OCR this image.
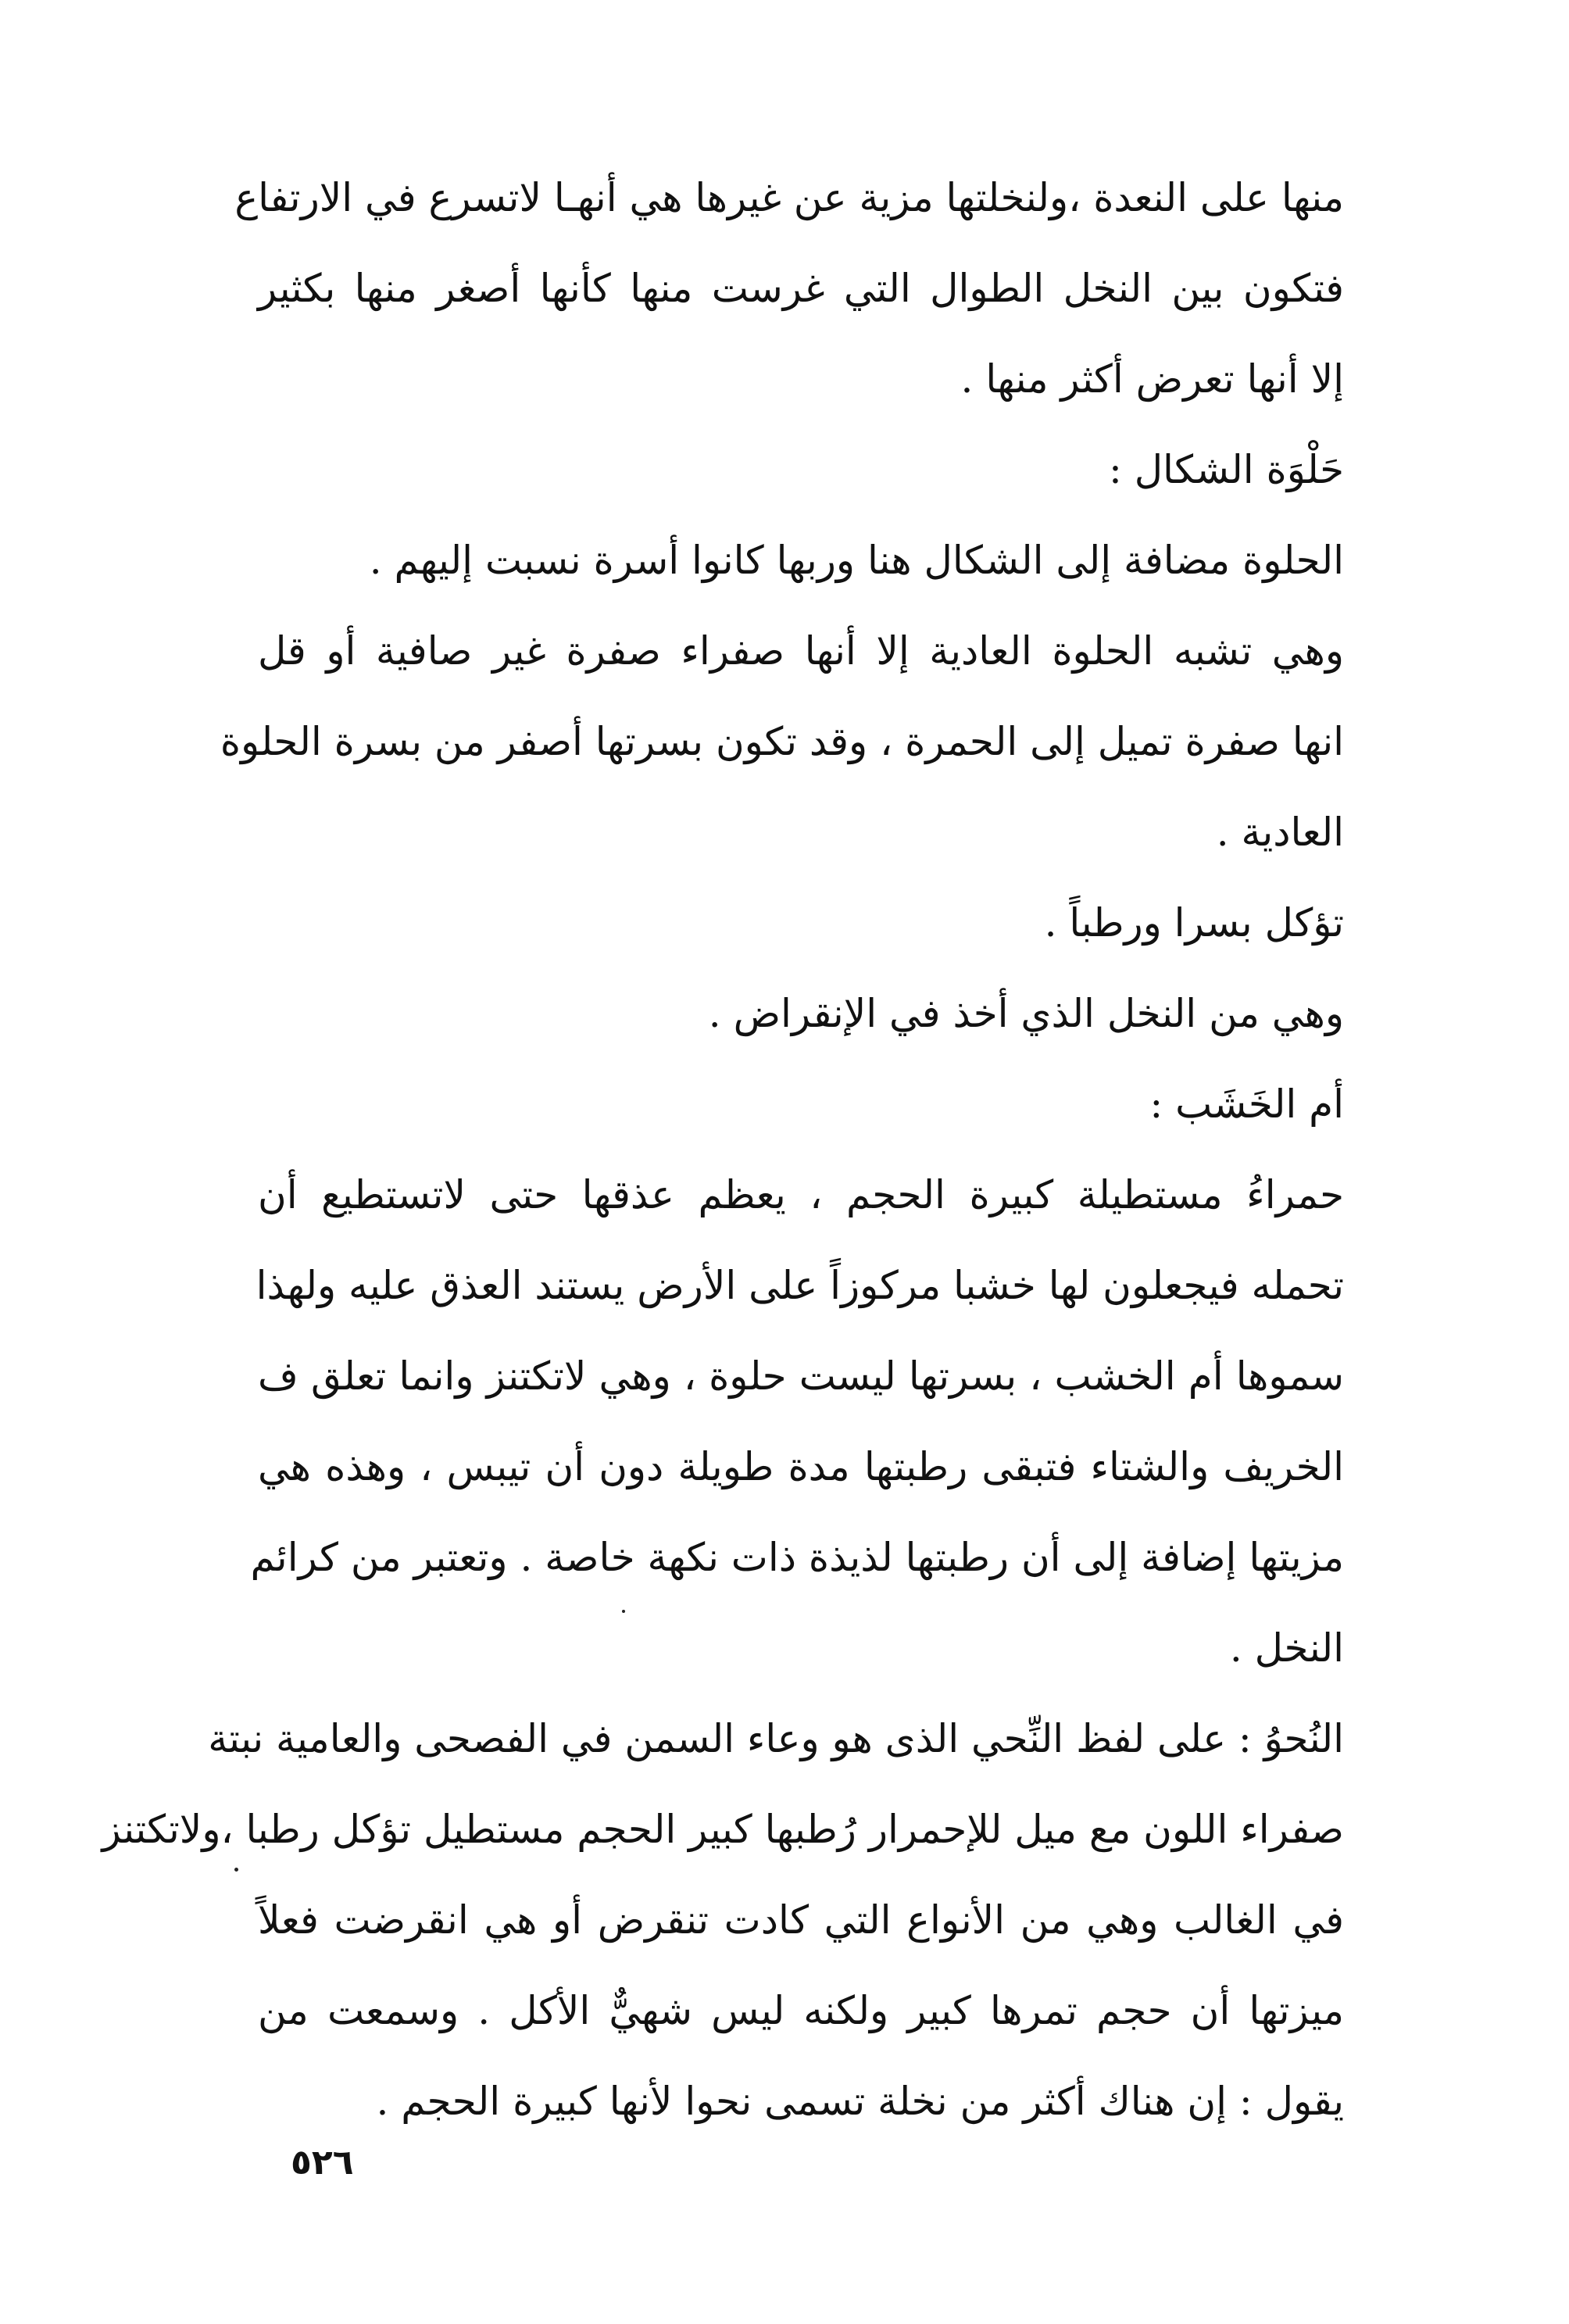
منها على النعدة ،ولنخلتها مزية عن غيرها هي أنهـا لاتسرع في الارتفاع
فتكون بين النخل الطوال التي غرست منها كأنها أصغر منها بكثير
إلا أنها تعرض أكثر منها .
حَلْوَة الشكال :
الحلوة مضافة إلى الشكال هنا وربها كانوا أسرة نسبت إليهم .
وهي تشبه الحلوة العادية إلا أنها صفراء صفرة غير صافية أو قل
انها صفرة تميل إلى الحمرة ، وقد تكون بسرتها أصفر من بسرة الحلوة
العادية .
تؤكل بسرا ورطباً .
وهي من النخل الذي أخذ في الإنقراض .
أم الخَشَب :
حمراءُ مستطيلة كبيرة الحجم ، يعظم عذقها حتى لاتستطيع أن
تحمله فيجعلون لها خشبا مركوزاً على الأرض يستند العذق عليه ولهذا
سموها أم الخشب ، بسرتها ليست حلوة ، وهي لاتكتنز وانما تعلق ف
الخريف والشتاء فتبقى رطبتها مدة طويلة دون أن تيبس ، وهذه هي
مزيتها إضافة إلى أن رطبتها لذيذة ذات نكهة خاصة . وتعتبر من كرائم
النخل .
النُحوُ : على لفظ النِّحي الذى هو وعاء السمن في الفصحى والعامية نبتة
صفراء اللون مع ميل للإحمرار رُطبها كبير الحجم مستطيل تؤكل رطبا ،ولاتكتنز
في الغالب وهي من الأنواع التي كادت تنقرض أو هي انقرضت فعلاً
ميزتها أن حجم تمرها كبير ولكنه ليس شهيٌّ الأكل . وسمعت من
يقول : إن هناك أكثر من نخلة تسمى نحوا لأنها كبيرة الحجم .
٥٢٦
